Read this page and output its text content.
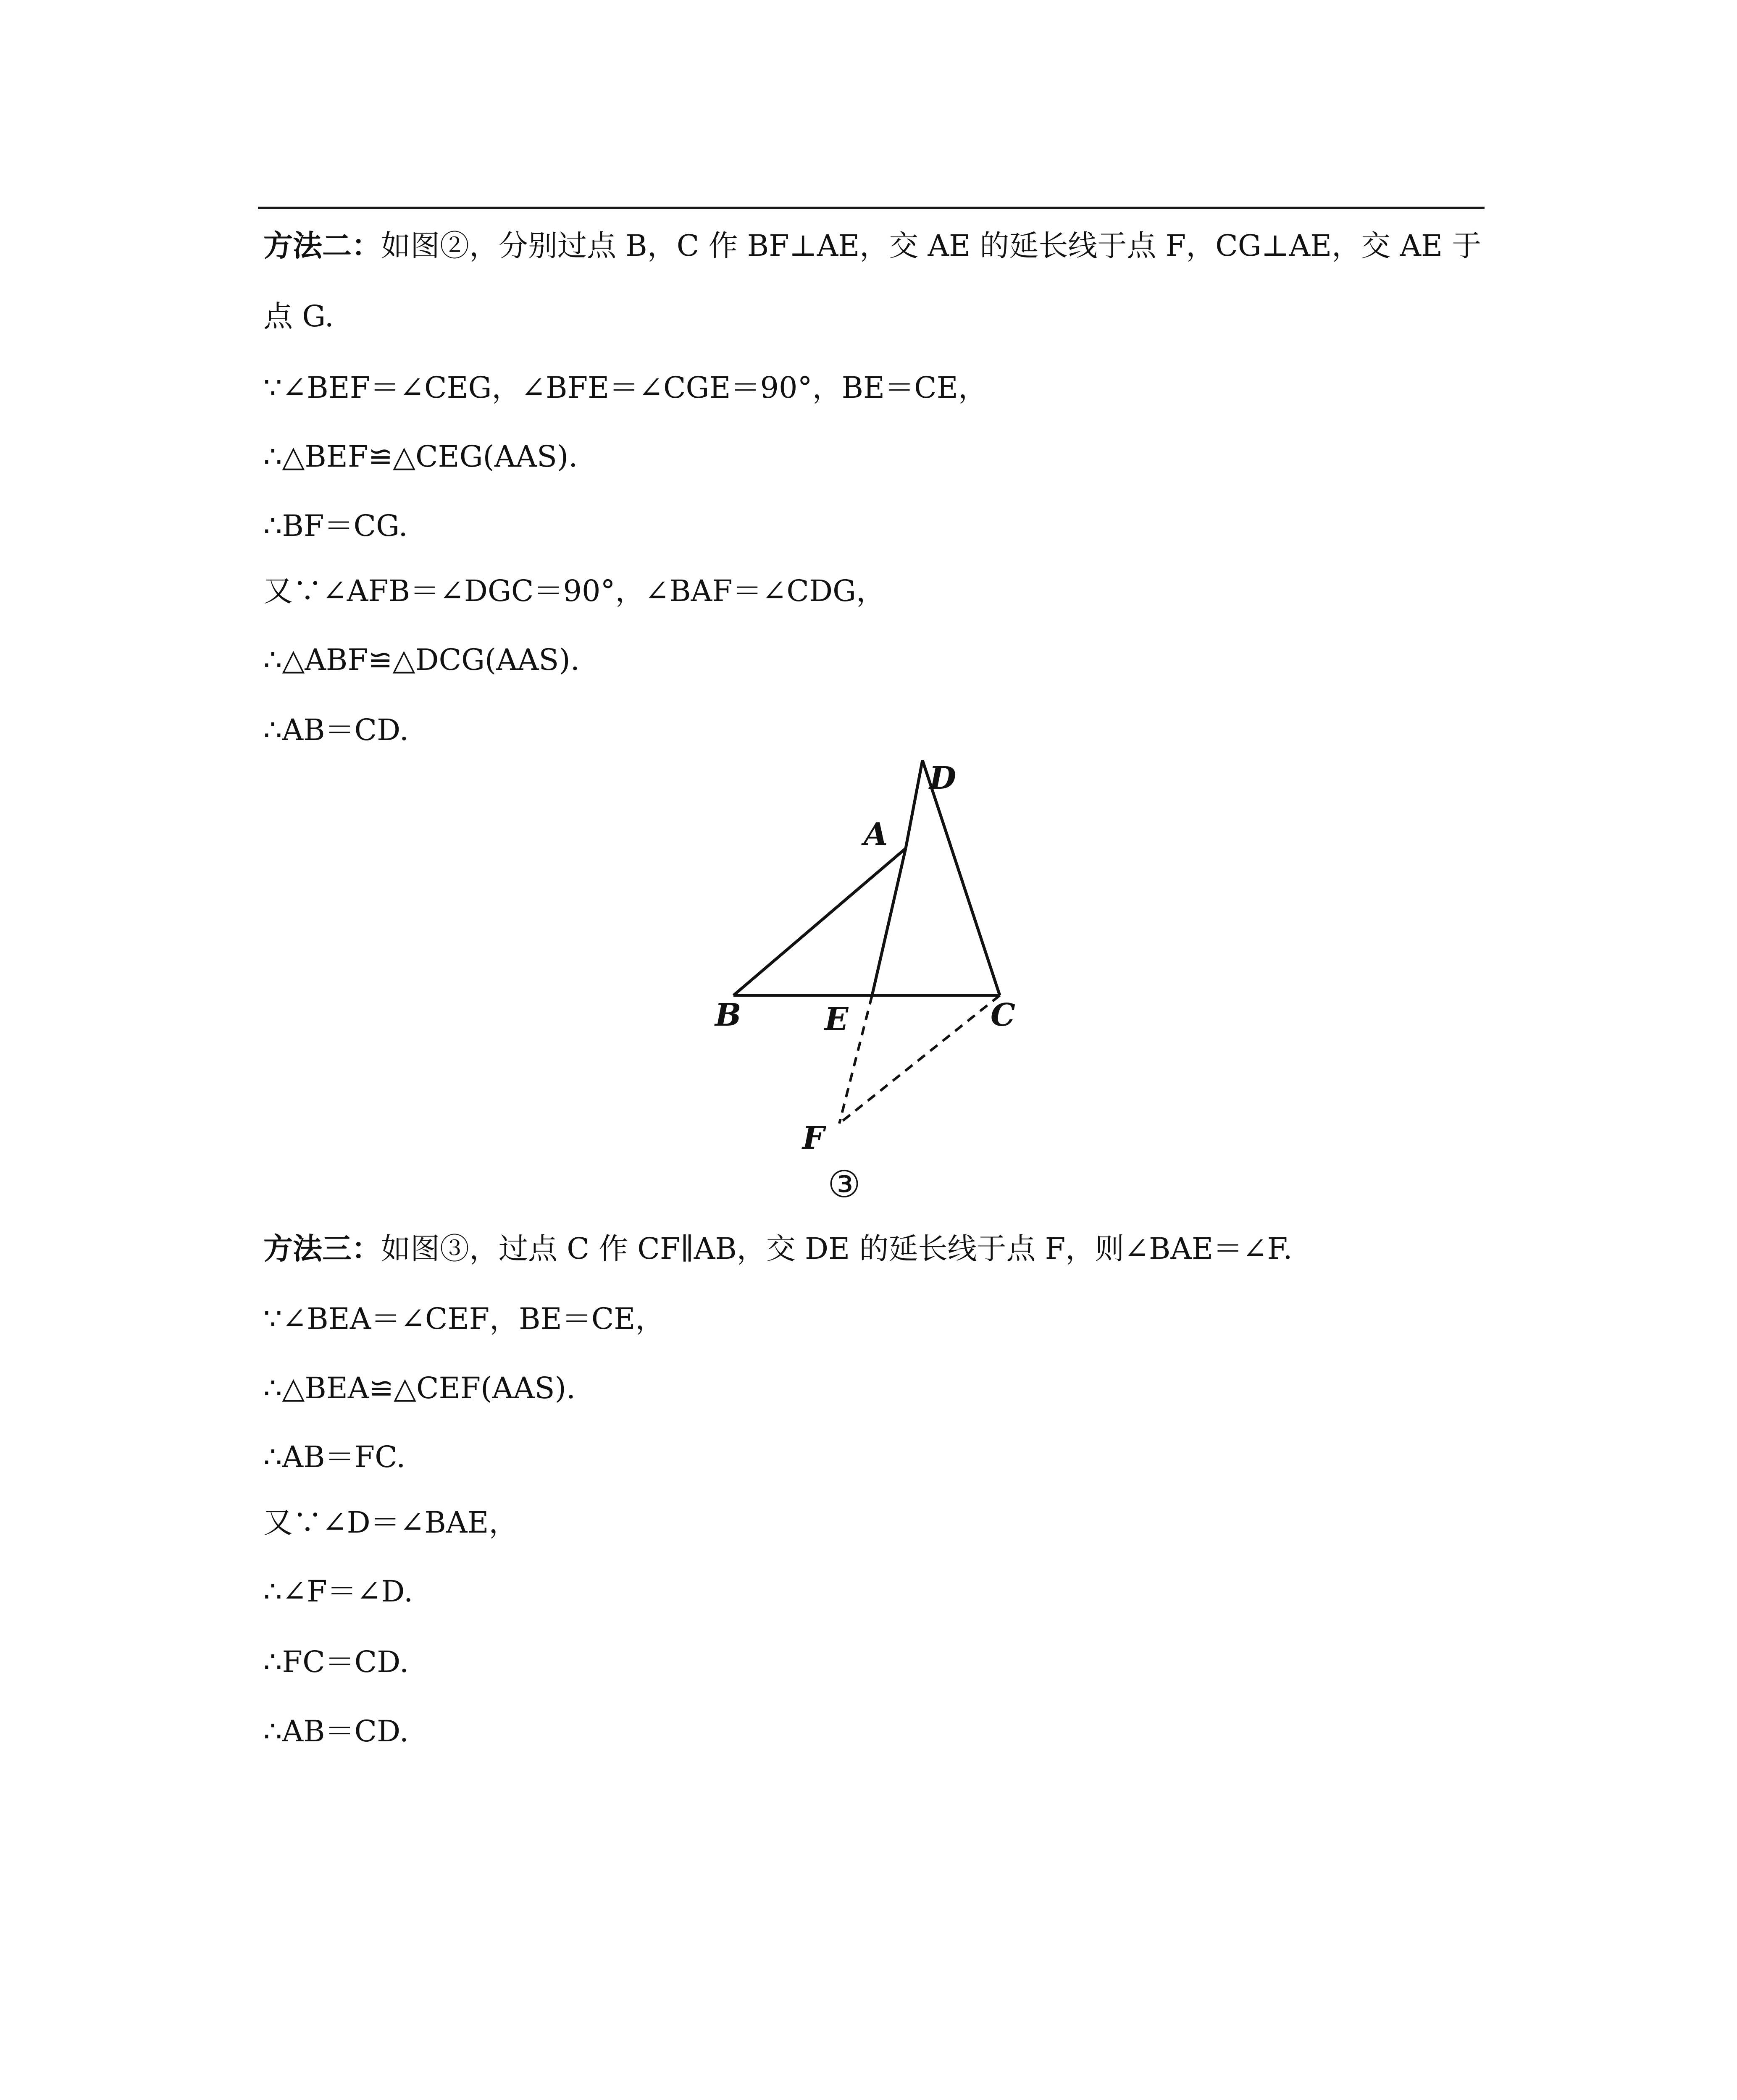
方法二：如图②，分别过点 B，C 作 BF⊥AE，交 AE 的延长线于点 F，CG⊥AE，交 AE 于
点 G.
∵∠BEF＝∠CEG，∠BFE＝∠CGE＝90°，BE＝CE，
∴△BEF≌△CEG(AAS).
∴BF＝CG.
又∵∠AFB＝∠DGC＝90°，∠BAF＝∠CDG，
∴△ABF≌△DCG(AAS).
∴AB＝CD.
D
A
B	E	C
F
③
方法三：如图③，过点 C 作 CF∥AB，交 DE 的延长线于点 F，则∠BAE＝∠F.
∵∠BEA＝∠CEF，BE＝CE，
∴△BEA≌△CEF(AAS).
∴AB＝FC.
又∵∠D＝∠BAE，
∴∠F＝∠D.
∴FC＝CD.
∴AB＝CD.
